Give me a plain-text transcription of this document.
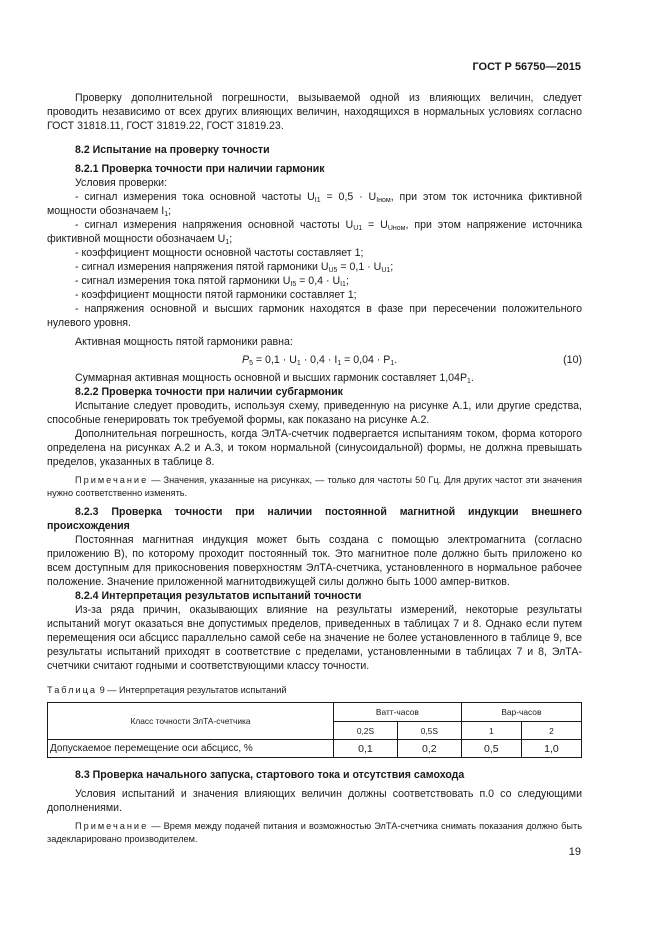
ГОСТ Р 56750—2015

Проверку дополнительной погрешности, вызываемой одной из влияющих величин, следует проводить независимо от всех других влияющих величин, находящихся в нормальных условиях согласно ГОСТ 31818.11, ГОСТ 31819.22, ГОСТ 31819.23.

8.2 Испытание на проверку точности

8.2.1 Проверка точности при наличии гармоник

Условия проверки:

- сигнал измерения тока основной частоты $U_{I1} = 0,5 \cdot U_{Iном}$, при этом ток источника фиктивной мощности обозначаем $I_1$;

- сигнал измерения напряжения основной частоты $U_{U1} = U_{Uном}$, при этом напряжение источника фиктивной мощности обозначаем $U_1$;

- коэффициент мощности основной частоты составляет 1;

- сигнал измерения напряжения пятой гармоники $U_{U5} = 0,1 \cdot U_{U1}$;

- сигнал измерения тока пятой гармоники $U_{I5} = 0,4 \cdot U_{I1}$;

- коэффициент мощности пятой гармоники составляет 1;

- напряжения основной и высших гармоник находятся в фазе при пересечении положительного нулевого уровня.

Активная мощность пятой гармоники равна:

$P_5 = 0,1 \cdot U_1 \cdot 0,4 \cdot I_1 = 0,04 \cdot P_1$.	(10)

Суммарная активная мощность основной и высших гармоник составляет $1,04P_1$.

8.2.2 Проверка точности при наличии субгармоник

Испытание следует проводить, используя схему, приведенную на рисунке А.1, или другие средства, способные генерировать ток требуемой формы, как показано на рисунке А.2.

Дополнительная погрешность, когда ЭлТА-счетчик подвергается испытаниям током, форма которого определена на рисунках А.2 и А.3, и током нормальной (синусоидальной) формы, не должна превышать пределов, указанных в таблице 8.

Примечание — Значения, указанные на рисунках, — только для частоты 50 Гц. Для других частот эти значения нужно соответственно изменять.

8.2.3 Проверка точности при наличии постоянной магнитной индукции внешнего происхождения

Постоянная магнитная индукция может быть создана с помощью электромагнита (согласно приложению В), по которому проходит постоянный ток. Это магнитное поле должно быть приложено ко всем доступным для прикосновения поверхностям ЭлТА-счетчика, установленного в нормальное рабочее положение. Значение приложенной магнитодвижущей силы должно быть 1000 ампер-витков.

8.2.4 Интерпретация результатов испытаний точности

Из-за ряда причин, оказывающих влияние на результаты измерений, некоторые результаты испытаний могут оказаться вне допустимых пределов, приведенных в таблицах 7 и 8. Однако если путем перемещения оси абсцисс параллельно самой себе на значение не более установленного в таблице 9, все результаты испытаний приходят в соответствие с пределами, установленными в таблицах 7 и 8, ЭлТА-счетчики считают годными и соответствующими классу точности.

Таблица 9 — Интерпретация результатов испытаний

Класс точности ЭлТА-счетчика	Ватт-часов		Вар-часов	
	0,2S	0,5S	1	2
Допускаемое перемещение оси абсцисс, %	0,1	0,2	0,5	1,0

8.3 Проверка начального запуска, стартового тока и отсутствия самохода

Условия испытаний и значения влияющих величин должны соответствовать п.0 со следующими дополнениями.

Примечание — Время между подачей питания и возможностью ЭлТА-счетчика снимать показания должно быть задекларировано производителем.

19
